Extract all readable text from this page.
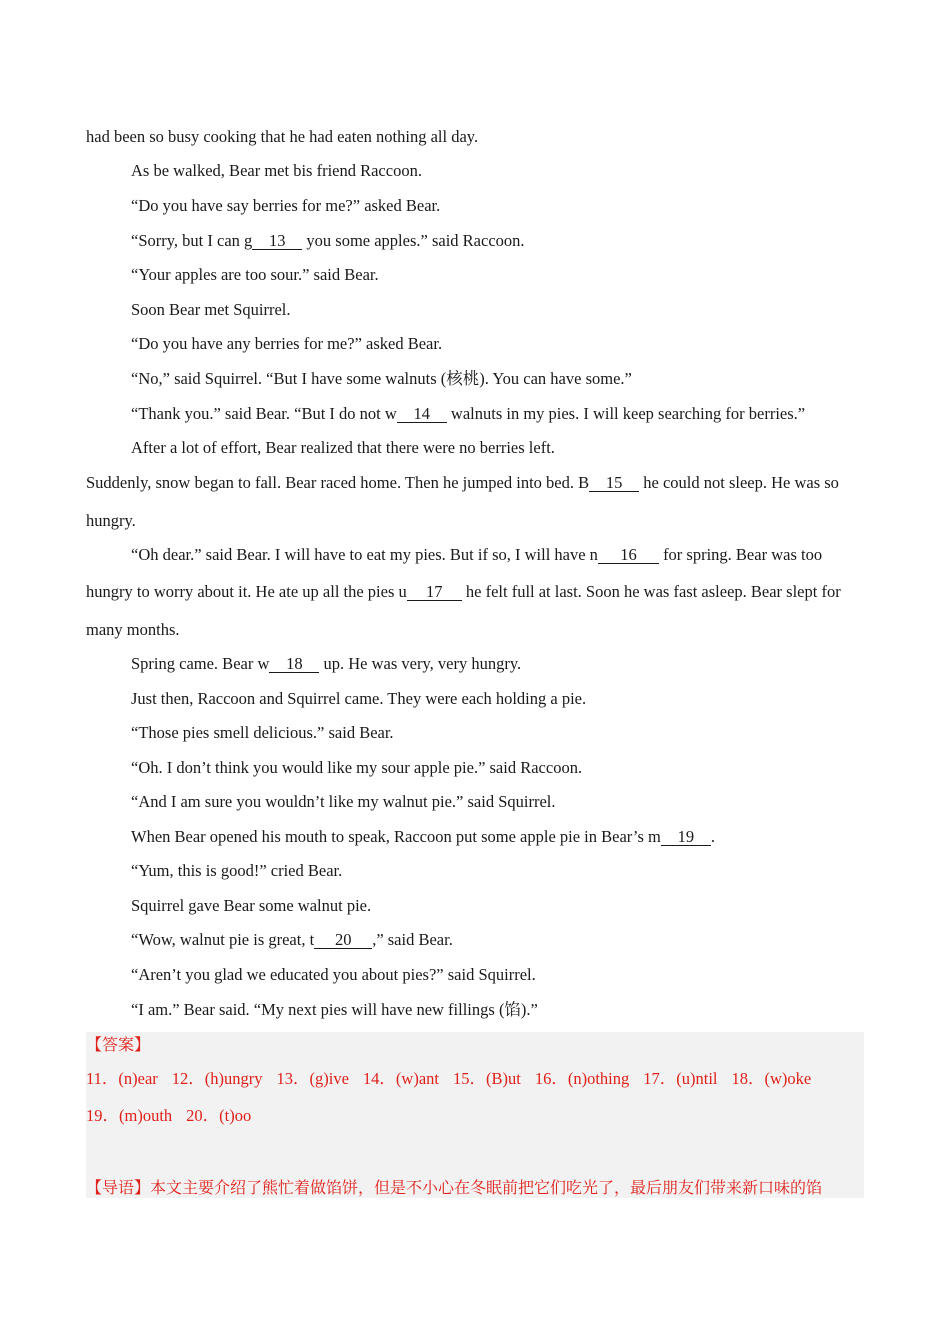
had been so busy cooking that he had eaten nothing all day.
As be walked, Bear met bis friend Raccoon.
“Do you have say berries for me?” asked Bear.
“Sorry, but I can g 13 you some apples.” said Raccoon.
“Your apples are too sour.” said Bear.
Soon Bear met Squirrel.
“Do you have any berries for me?” asked Bear.
“No,” said Squirrel. “But I have some walnuts (核桃). You can have some.”
“Thank you.” said Bear. “But I do not w 14 walnuts in my pies. I will keep searching for berries.”
After a lot of effort, Bear realized that there were no berries left.
Suddenly, snow began to fall. Bear raced home. Then he jumped into bed. B 15 he could not sleep. He was so
hungry.
“Oh dear.” said Bear. I will have to eat my pies. But if so, I will have n 16 for spring. Bear was too
hungry to worry about it. He ate up all the pies u 17 he felt full at last. Soon he was fast asleep. Bear slept for
many months.
Spring came. Bear w 18 up. He was very, very hungry.
Just then, Raccoon and Squirrel came. They were each holding a pie.
“Those pies smell delicious.” said Bear.
“Oh. I don’t think you would like my sour apple pie.” said Raccoon.
“And I am sure you wouldn’t like my walnut pie.” said Squirrel.
When Bear opened his mouth to speak, Raccoon put some apple pie in Bear’s m 19 .
“Yum, this is good!” cried Bear.
Squirrel gave Bear some walnut pie.
“Wow, walnut pie is great, t 20 ,” said Bear.
“Aren’t you glad we educated you about pies?” said Squirrel.
“I am.” Bear said. “My next pies will have new fillings (馅).”
【答案】
11．(n)ear 12．(h)ungry 13．(g)ive 14．(w)ant 15．(B)ut 16．(n)othing 17．(u)ntil 18．(w)oke
19．(m)outh 20．(t)oo
【导语】本文主要介绍了熊忙着做馅饼，但是不小心在冬眠前把它们吃光了，最后朋友们带来新口味的馅
